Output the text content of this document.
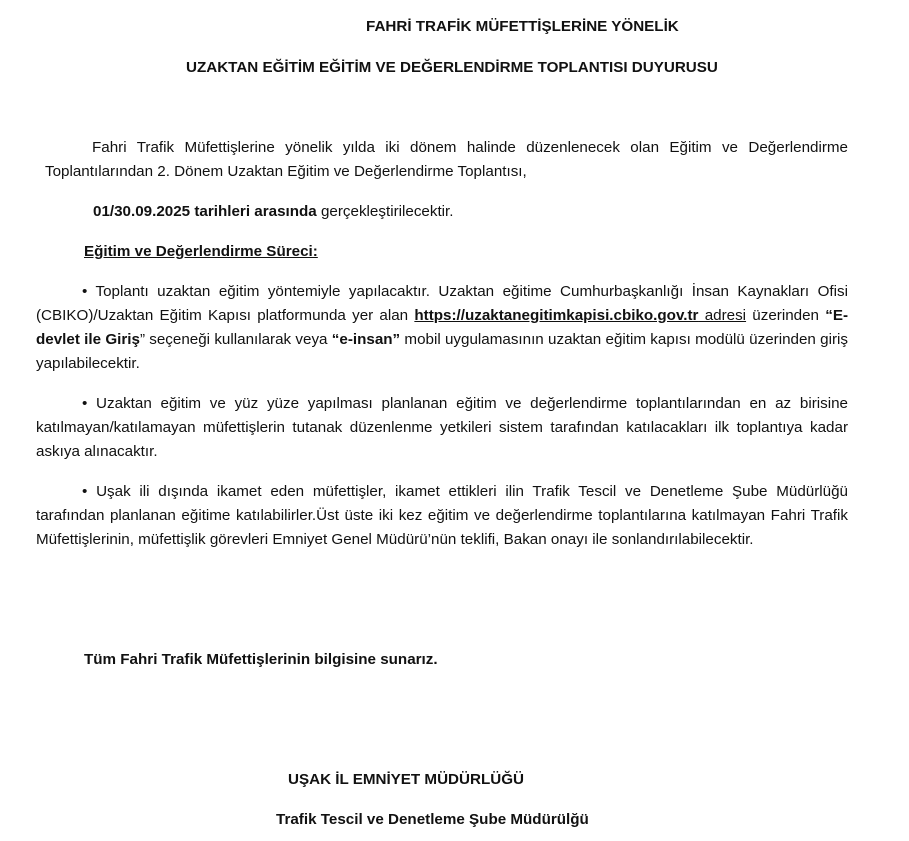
FAHRİ TRAFİK MÜFETTİŞLERİNE YÖNELİK
UZAKTAN EĞİTİM EĞİTİM VE DEĞERLENDİRME TOPLANTISI DUYURUSU
Fahri Trafik Müfettişlerine yönelik yılda iki dönem halinde düzenlenecek olan Eğitim ve Değerlendirme Toplantılarından 2. Dönem Uzaktan Eğitim ve Değerlendirme Toplantısı,
01/30.09.2025 tarihleri arasında gerçekleştirilecektir.
Eğitim ve Değerlendirme Süreci:

• Toplantı uzaktan eğitim yöntemiyle yapılacaktır. Uzaktan eğitime Cumhurbaşkanlığı İnsan Kaynakları Ofisi (CBIKO)/Uzaktan Eğitim Kapısı platformunda yer alan https://uzaktanegitimkapisi.cbiko.gov.tr adresi üzerinden “E-devlet ile Giriş” seçeneği kullanılarak veya “e-insan” mobil uygulamasının uzaktan eğitim kapısı modülü üzerinden giriş yapılabilecektir.

• Uzaktan eğitim ve yüz yüze yapılması planlanan eğitim ve değerlendirme toplantılarından en az birisine katılmayan/katılamayan müfettişlerin tutanak düzenlenme yetkileri sistem tarafından katılacakları ilk toplantıya kadar askıya alınacaktır.

• Uşak ili dışında ikamet eden müfettişler, ikamet ettikleri ilin Trafik Tescil ve Denetleme Şube Müdürlüğü tarafından planlanan eğitime katılabilirler.Üst üste iki kez eğitim ve değerlendirme toplantılarına katılmayan Fahri Trafik Müfettişlerinin, müfettişlik görevleri Emniyet Genel Müdürü’nün teklifi, Bakan onayı ile sonlandırılabilecektir.

Tüm Fahri Trafik Müfettişlerinin bilgisine sunarız.
UŞAK İL EMNİYET MÜDÜRLÜĞÜ
Trafik Tescil ve Denetleme Şube Müdürülğü
